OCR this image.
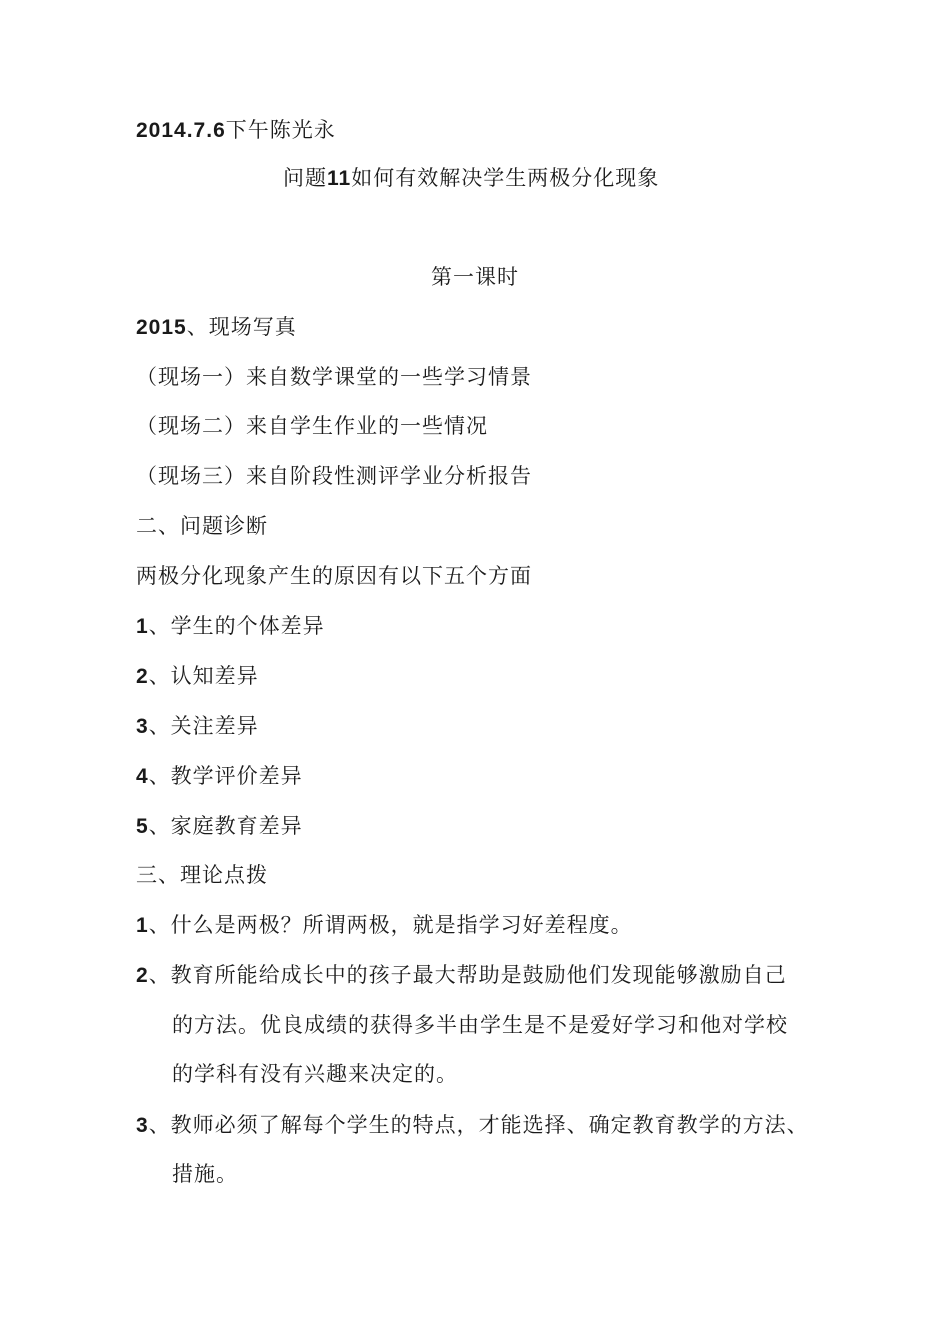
2014.7.6下午陈光永
问题11如何有效解决学生两极分化现象
第一课时
2015、现场写真
（现场一）来自数学课堂的一些学习情景
（现场二）来自学生作业的一些情况
（现场三）来自阶段性测评学业分析报告
二、问题诊断
两极分化现象产生的原因有以下五个方面
1、学生的个体差异
2、认知差异
3、关注差异
4、教学评价差异
5、家庭教育差异
三、理论点拨
1、什么是两极？所谓两极，就是指学习好差程度。
2、教育所能给成长中的孩子最大帮助是鼓励他们发现能够激励自己
的方法。优良成绩的获得多半由学生是不是爱好学习和他对学校
的学科有没有兴趣来决定的。
3、教师必须了解每个学生的特点，才能选择、确定教育教学的方法、
措施。
